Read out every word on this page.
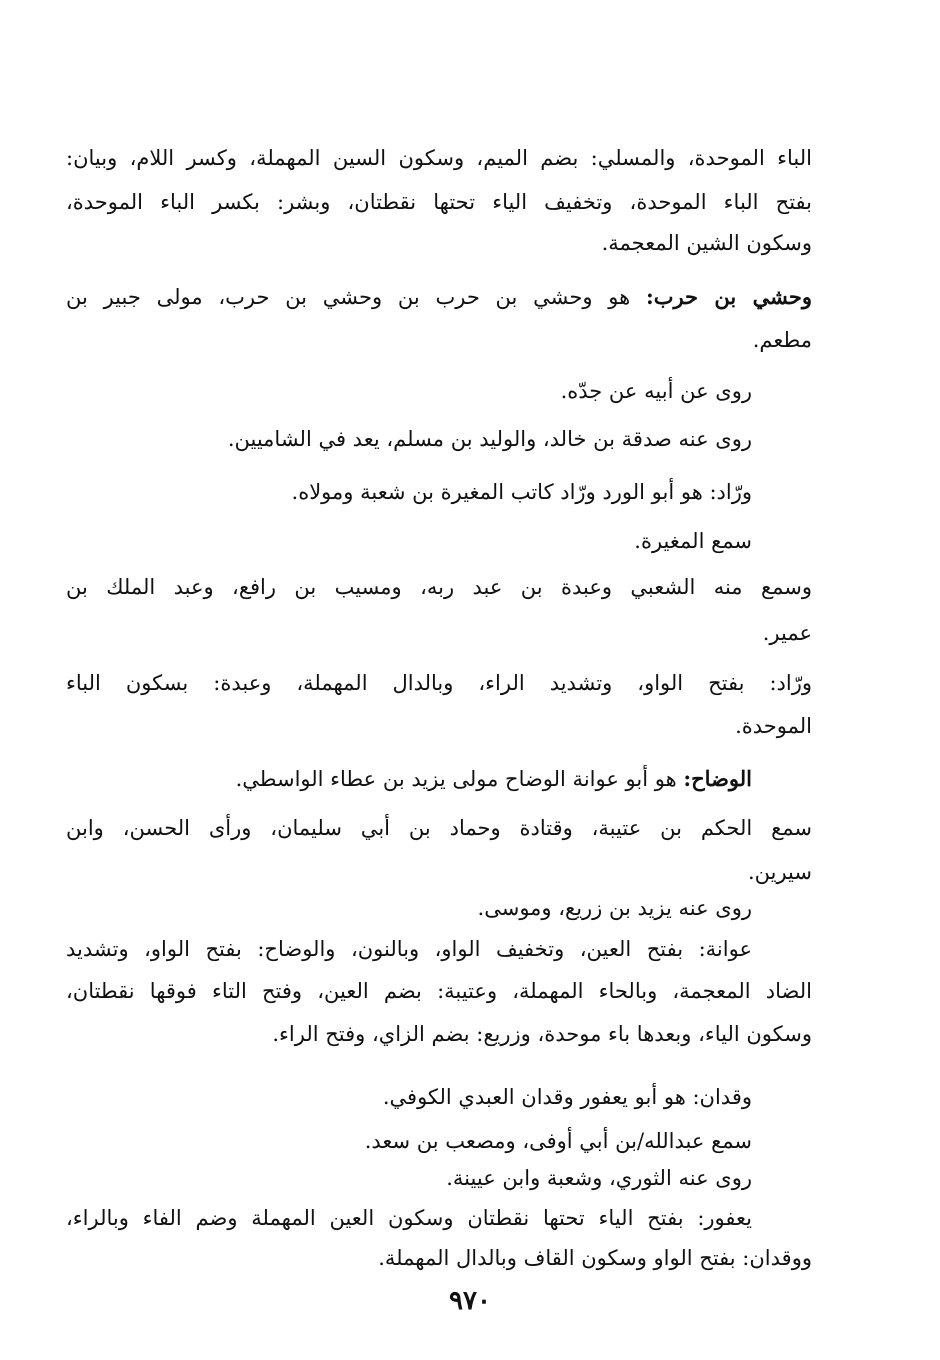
الباء الموحدة، والمسلي: بضم الميم، وسكون السين المهملة، وكسر اللام، وبيان:
بفتح الباء الموحدة، وتخفيف الياء تحتها نقطتان، وبشر: بكسر الباء الموحدة،
وسكون الشين المعجمة.
وحشي بن حرب: هو وحشي بن حرب بن وحشي بن حرب، مولى جبير بن
مطعم.
روى عن أبيه عن جدّه.
روى عنه صدقة بن خالد، والوليد بن مسلم، يعد في الشاميين.
ورّاد: هو أبو الورد ورّاد كاتب المغيرة بن شعبة ومولاه.
سمع المغيرة.
وسمع منه الشعبي وعبدة بن عبد ربه، ومسيب بن رافع، وعبد الملك بن
عمير.
ورّاد: بفتح الواو، وتشديد الراء، وبالدال المهملة، وعبدة: بسكون الباء
الموحدة.
الوضاح: هو أبو عوانة الوضاح مولى يزيد بن عطاء الواسطي.
سمع الحكم بن عتيبة، وقتادة وحماد بن أبي سليمان، ورأى الحسن، وابن
سيرين.
روى عنه يزيد بن زريع، وموسى.
عوانة: بفتح العين، وتخفيف الواو، وبالنون، والوضاح: بفتح الواو، وتشديد
الضاد المعجمة، وبالحاء المهملة، وعتيبة: بضم العين، وفتح التاء فوقها نقطتان،
وسكون الياء، وبعدها باء موحدة، وزريع: بضم الزاي، وفتح الراء.
وقدان: هو أبو يعفور وقدان العبدي الكوفي.
سمع عبدالله/بن أبي أوفى، ومصعب بن سعد.
روى عنه الثوري، وشعبة وابن عيينة.
يعفور: بفتح الياء تحتها نقطتان وسكون العين المهملة وضم الفاء وبالراء،
ووقدان: بفتح الواو وسكون القاف وبالدال المهملة.
٩٧٠
